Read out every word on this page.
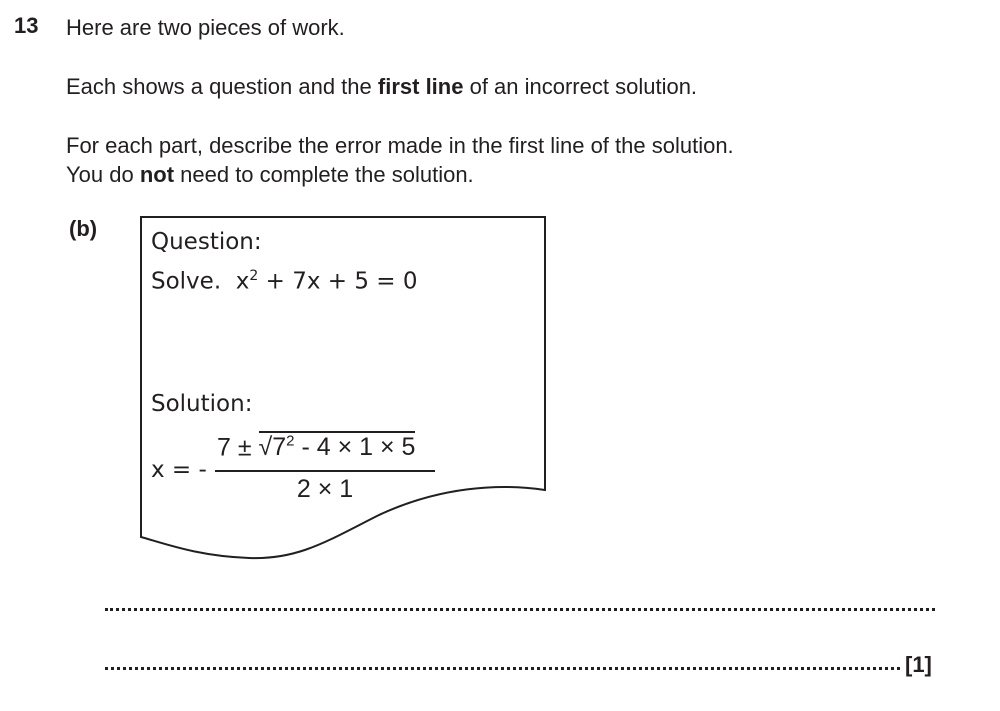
13 Here are two pieces of work.
Each shows a question and the first line of an incorrect solution.
For each part, describe the error made in the first line of the solution.
You do not need to complete the solution.
(b)
Question:
Solve. $x^2 + 7x + 5 = 0$
Solution:
x = -
$7 \pm √7^2 - 4 \times 1 \times 5$
2 × 1
[1]
